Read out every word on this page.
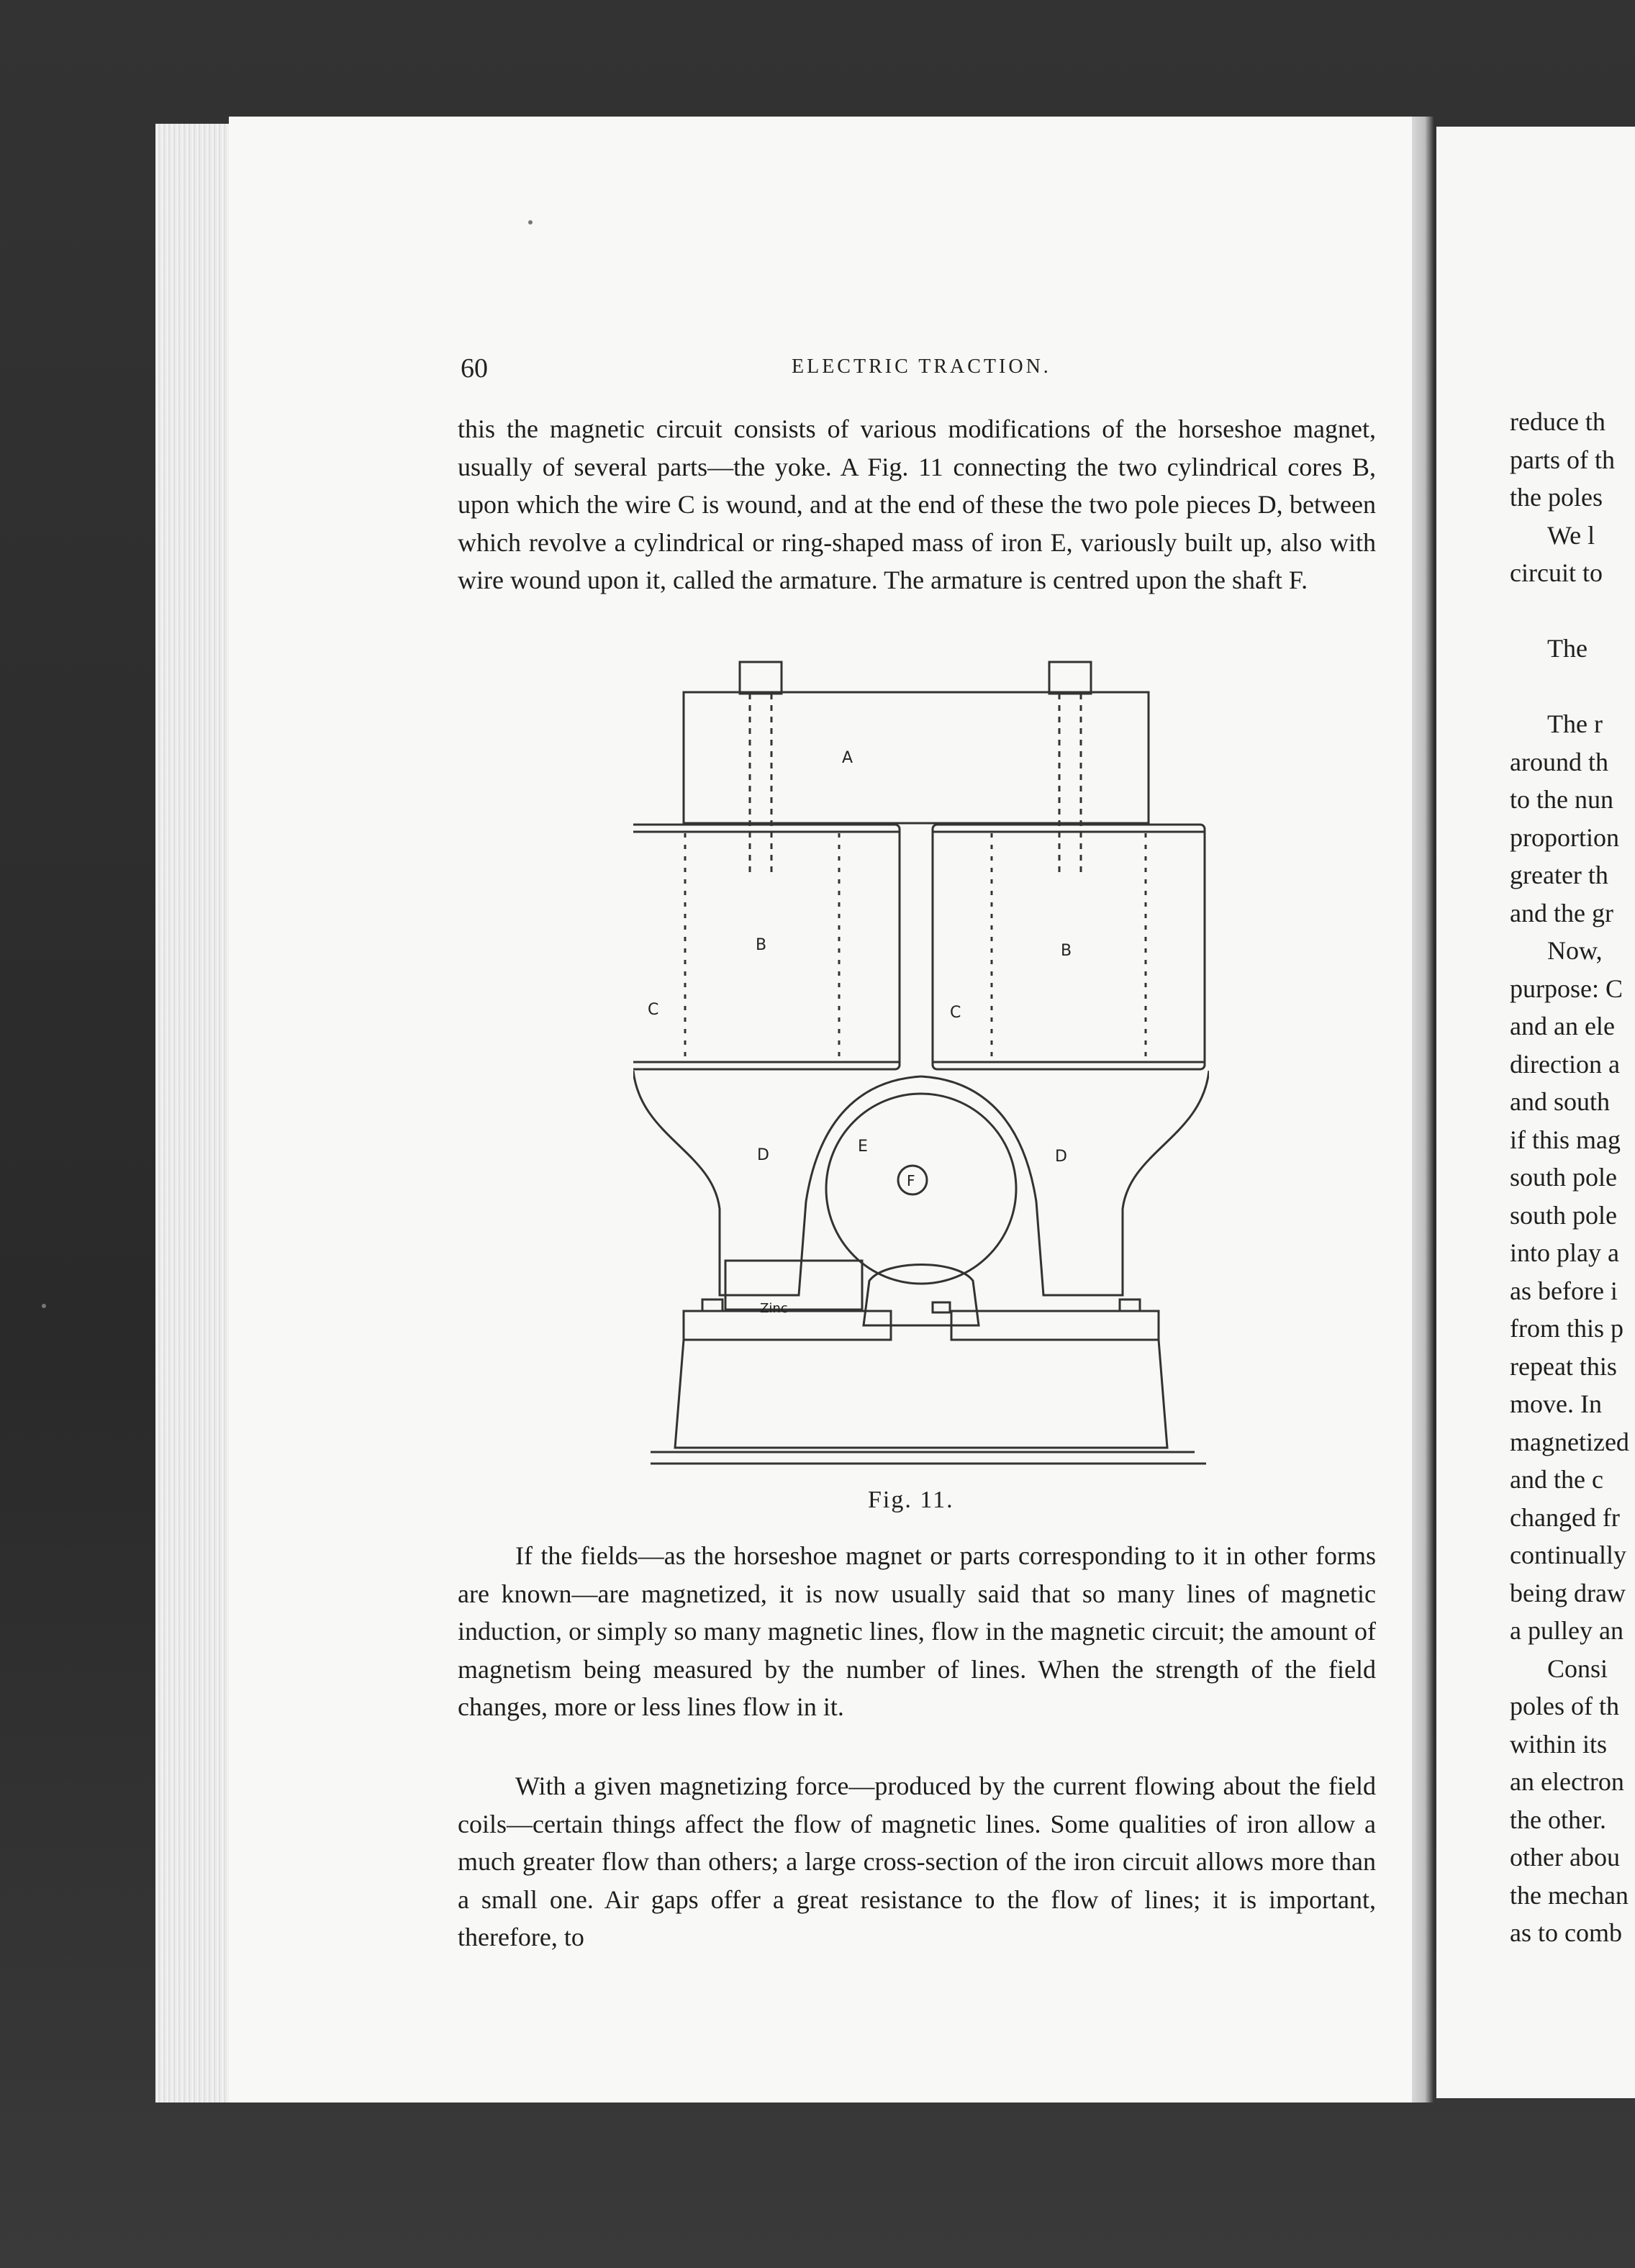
60	ELECTRIC TRACTION.

this the magnetic circuit consists of various modifications of the horseshoe magnet, usually of several parts—the yoke. A Fig. 11 connecting the two cylindrical cores B, upon which the wire C is wound, and at the end of these the two pole pieces D, between which revolve a cylindrical or ring-shaped mass of iron E, variously built up, also with wire wound upon it, called the armature. The armature is centred upon the shaft F.

A
B	B
C	C
D	D
E
F
Zinc
Fig. 11.

If the fields—as the horseshoe magnet or parts corresponding to it in other forms are known—are magnetized, it is now usually said that so many lines of magnetic induction, or simply so many magnetic lines, flow in the magnetic circuit; the amount of magnetism being measured by the number of lines. When the strength of the field changes, more or less lines flow in it.

With a given magnetizing force—produced by the current flowing about the field coils—certain things affect the flow of magnetic lines. Some qualities of iron allow a much greater flow than others; a large cross-section of the iron circuit allows more than a small one. Air gaps offer a great resistance to the flow of lines; it is important, therefore, to

reduce th
parts of th
the poles
We l
circuit to
The
The r
around th
to the nun
proportion
greater th
and the gr
Now,
purpose: C
and an ele
direction a
and south
if this mag
south pole
south pole
into play a
as before i
from this p
repeat this
move. In
magnetized
and the c
changed fr
continually
being draw
a pulley an
Consi
poles of th
within its
an electron
the other.
other abou
the mechan
as to comb
